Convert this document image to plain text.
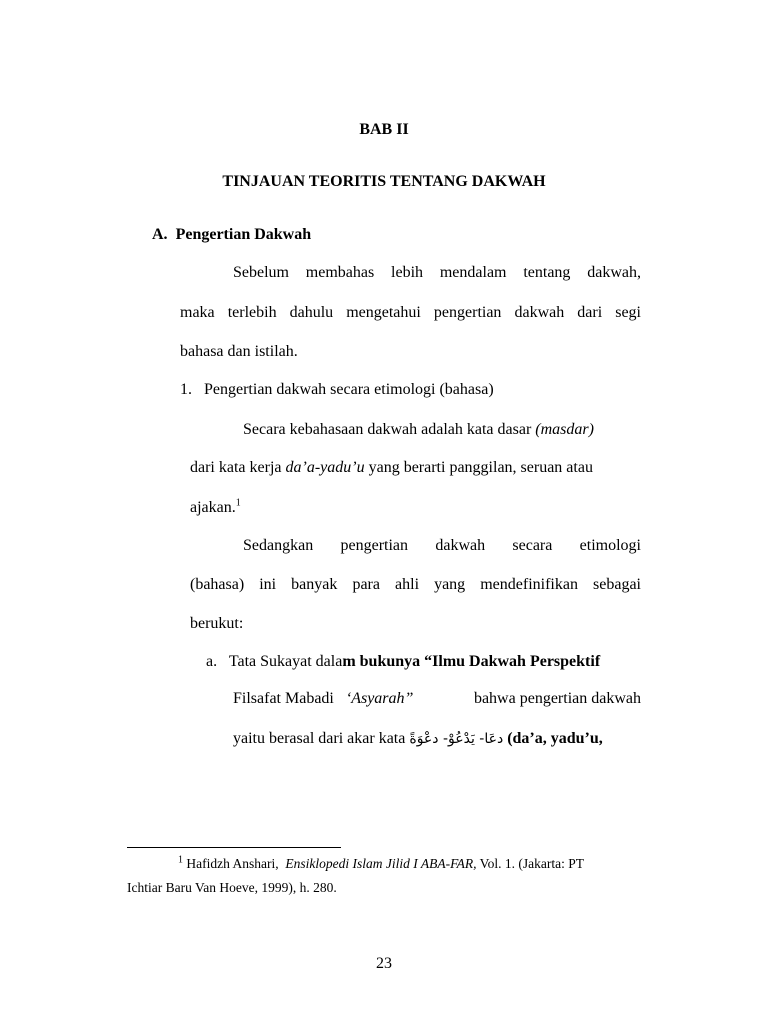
BAB II
TINJAUAN TEORITIS TENTANG DAKWAH
A. Pengertian Dakwah
Sebelum membahas lebih mendalam tentang dakwah,
maka terlebih dahulu mengetahui pengertian dakwah dari segi
bahasa dan istilah.
1. Pengertian dakwah secara etimologi (bahasa)
Secara kebahasaan dakwah adalah kata dasar (masdar)
dari kata kerja da’a-yadu’u yang berarti panggilan, seruan atau
ajakan.$^1$
Sedangkan pengertian dakwah secara etimologi
(bahasa) ini banyak para ahli yang mendefinifikan sebagai
berukut:
a. Tata Sukayat dalam bukunya “Ilmu Dakwah Perspektif
Filsafat Mabadi ‘Asyarah”	bahwa pengertian dakwah
yaitu berasal dari akar kata دعَا- يَدْعُوْ- دعْوَةً (da’a, yadu’u,
$^1$ Hafidzh Anshari, Ensiklopedi Islam Jilid I ABA-FAR, Vol. 1. (Jakarta: PT
Ichtiar Baru Van Hoeve, 1999), h. 280.
23
